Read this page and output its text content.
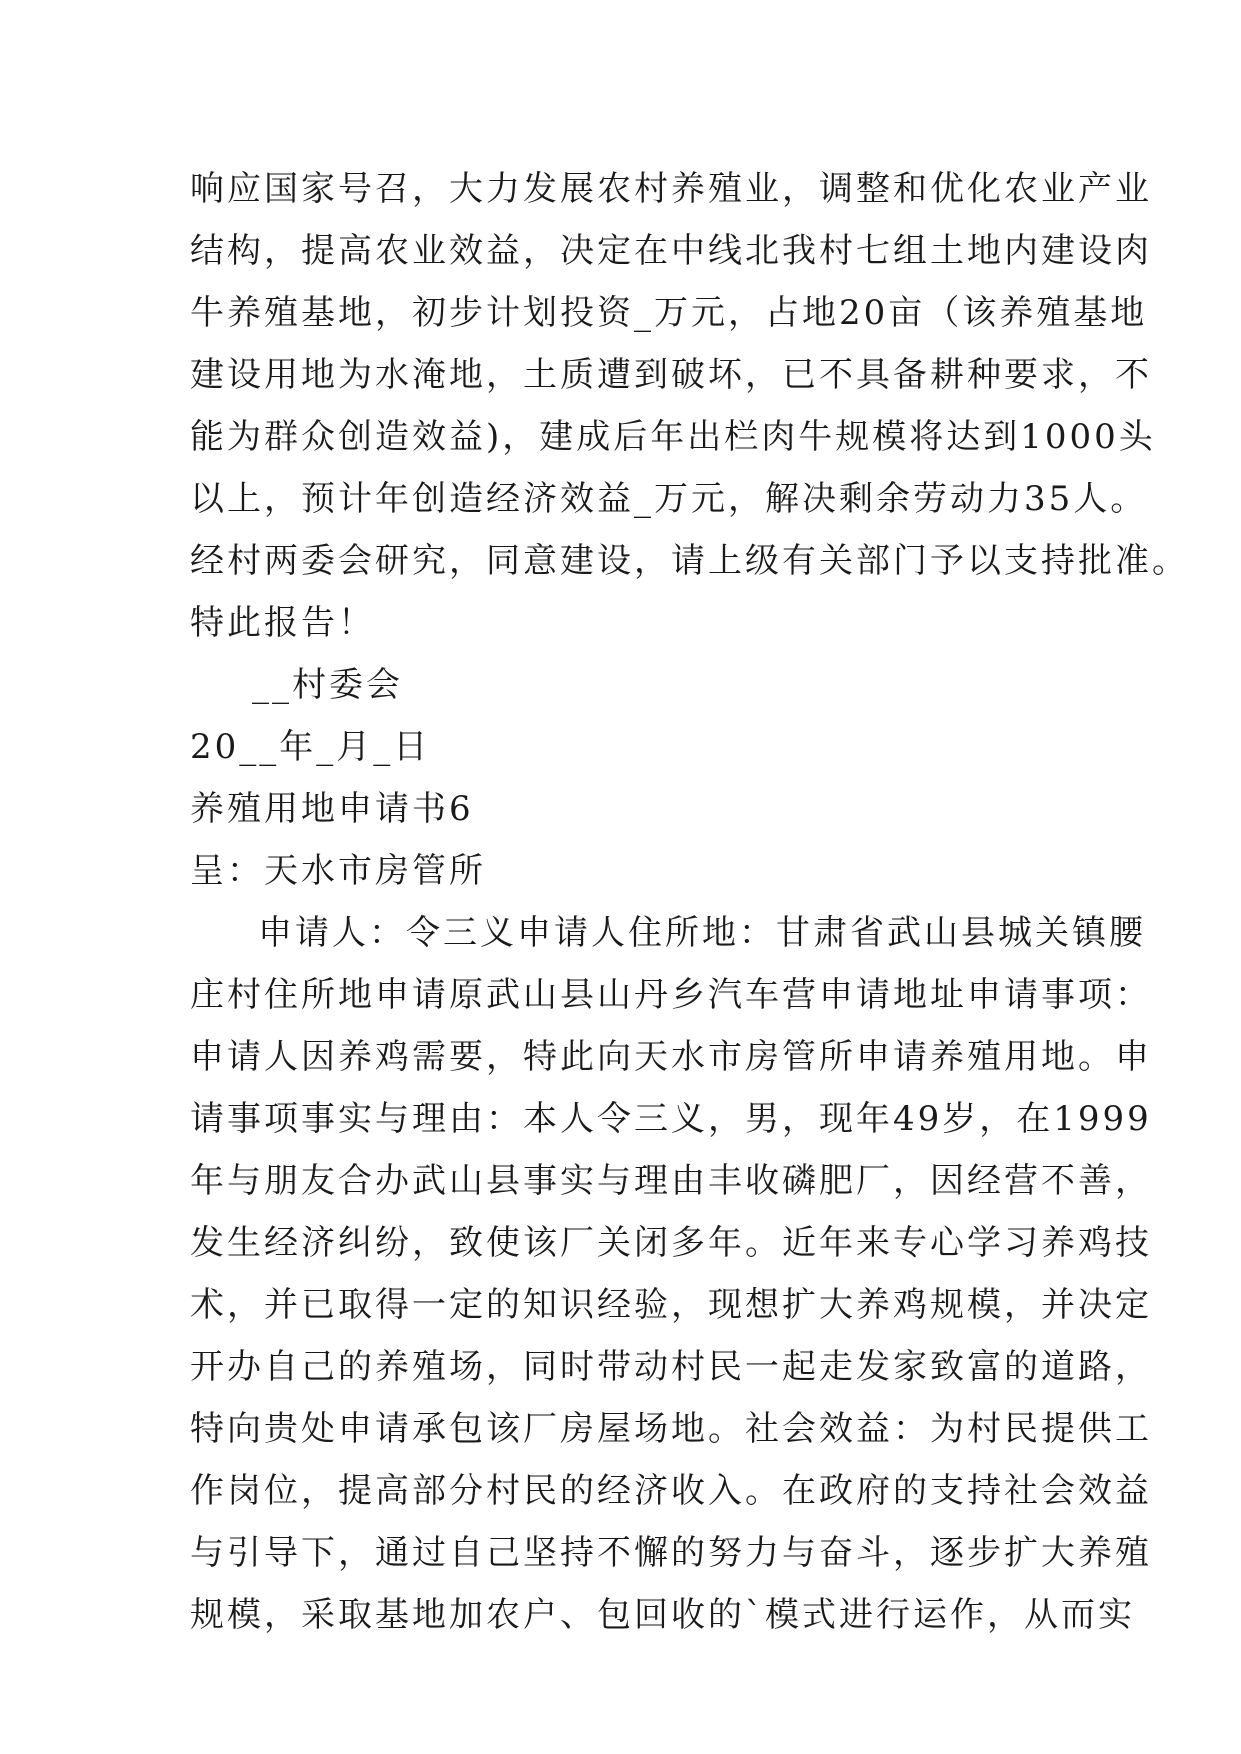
响应国家号召，大力发展农村养殖业，调整和优化农业产业
结构，提高农业效益，决定在中线北我村七组土地内建设肉
牛养殖基地，初步计划投资_万元，占地20亩（该养殖基地
建设用地为水淹地，土质遭到破坏，已不具备耕种要求，不
能为群众创造效益)，建成后年出栏肉牛规模将达到1000头
以上，预计年创造经济效益_万元，解决剩余劳动力35人。
经村两委会研究，同意建设，请上级有关部门予以支持批准。
特此报告！
__村委会
20__年_月_日
养殖用地申请书6
呈：天水市房管所
申请人：令三义申请人住所地：甘肃省武山县城关镇腰
庄村住所地申请原武山县山丹乡汽车营申请地址申请事项：
申请人因养鸡需要，特此向天水市房管所申请养殖用地。申
请事项事实与理由：本人令三义，男，现年49岁，在1999
年与朋友合办武山县事实与理由丰收磷肥厂，因经营不善，
发生经济纠纷，致使该厂关闭多年。近年来专心学习养鸡技
术，并已取得一定的知识经验，现想扩大养鸡规模，并决定
开办自己的养殖场，同时带动村民一起走发家致富的道路，
特向贵处申请承包该厂房屋场地。社会效益：为村民提供工
作岗位，提高部分村民的经济收入。在政府的支持社会效益
与引导下，通过自己坚持不懈的努力与奋斗，逐步扩大养殖
规模，采取基地加农户、包回收的`模式进行运作，从而实
